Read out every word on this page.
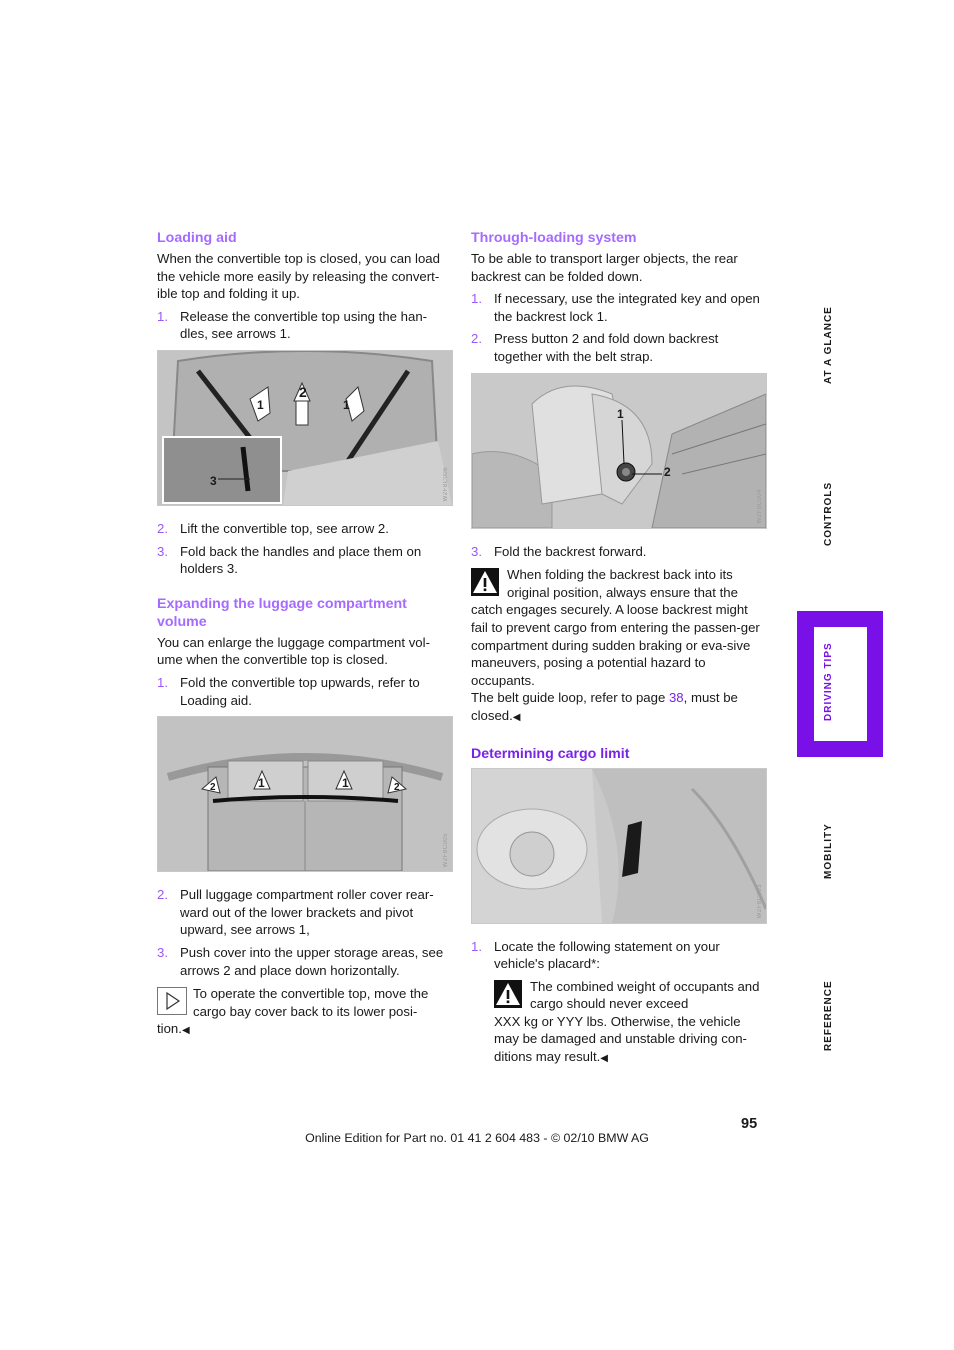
Loading aid

When the convertible top is closed, you can load the vehicle more easily by releasing the convert-ible top and folding it up.

1. Release the convertible top using the han-dles, see arrows 1.
2
1	1
3	W2F8C006
2. Lift the convertible top, see arrow 2.
3. Fold back the handles and place them on holders 3.
Expanding the luggage compartment volume

You can enlarge the luggage compartment vol-ume when the convertible top is closed.

1. Fold the convertible top upwards, refer to Loading aid.
2	1	1	2
W2F8C005
2. Pull luggage compartment roller cover rear-ward out of the lower brackets and pivot upward, see arrows 1,
3. Push cover into the upper storage areas, see arrows 2 and place down horizontally.
To operate the convertible top, move the cargo bay cover back to its lower posi-
tion.◀
Through-loading system

To be able to transport larger objects, the rear backrest can be folded down.

1. If necessary, use the integrated key and open the backrest lock 1.
2. Press button 2 and fold down backrest together with the belt strap.
1
2
W2F8C004
3. Fold the backrest forward.
When folding the backrest back into its original position, always ensure that the

catch engages securely. A loose backrest might fail to prevent cargo from entering the passen-ger compartment during sudden braking or eva-sive maneuvers, posing a potential hazard to occupants.

The belt guide loop, refer to page 38, must be closed.◀

Determining cargo limit
W2F8C003
1. Locate the following statement on your vehicle's placard*:
The combined weight of occupants and cargo should never exceed

XXX kg or YYY lbs. Otherwise, the vehicle may be damaged and unstable driving con-ditions may result.◀

AT A GLANCE
CONTROLS
DRIVING TIPS
MOBILITY
REFERENCE
95
Online Edition for Part no. 01 41 2 604 483 - © 02/10 BMW AG
